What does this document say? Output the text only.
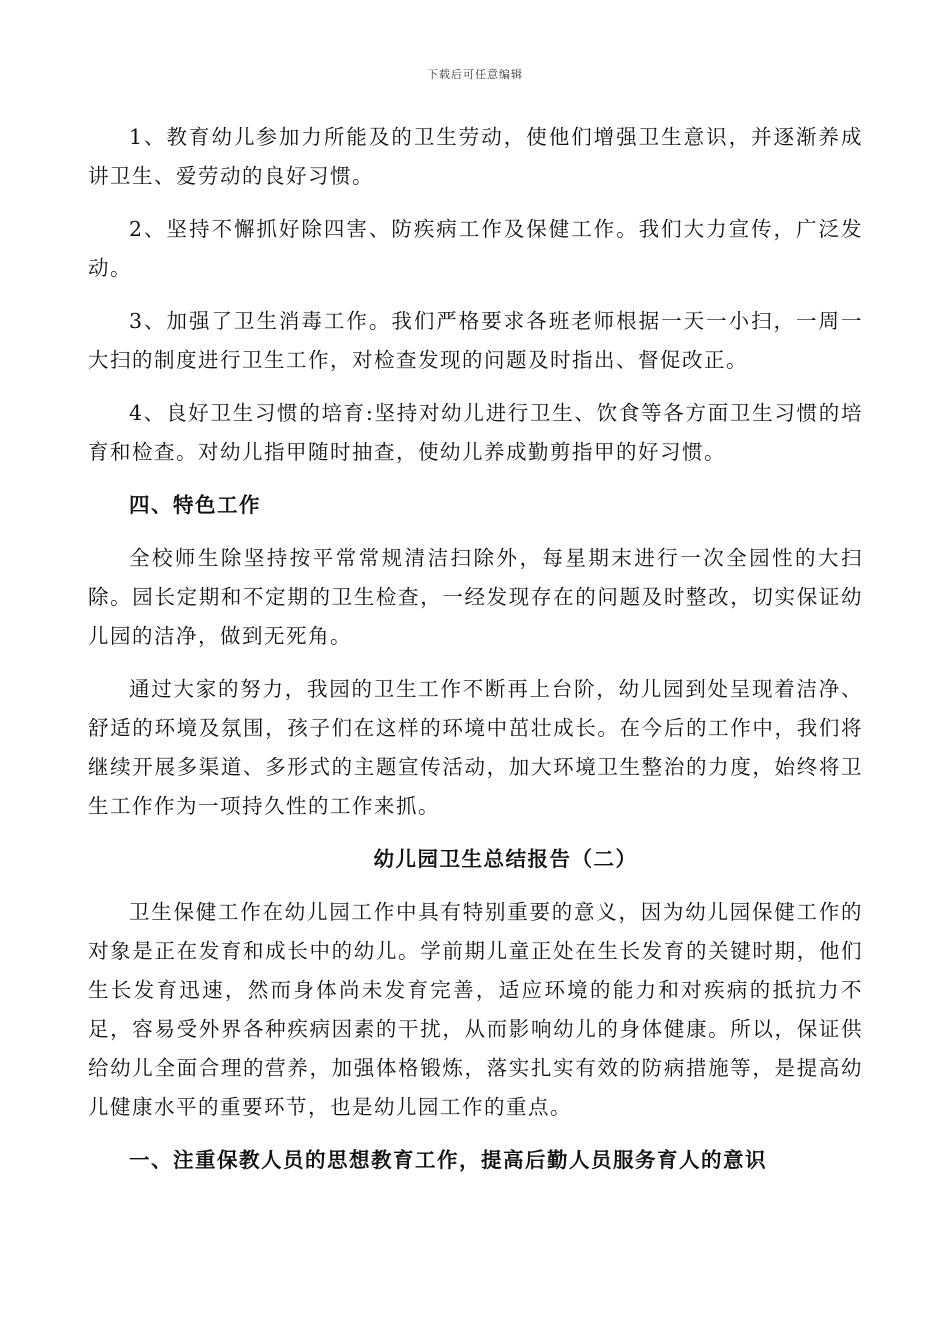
下载后可任意编辑

1、教育幼儿参加力所能及的卫生劳动，使他们增强卫生意识，并逐渐养成讲卫生、爱劳动的良好习惯。

2、坚持不懈抓好除四害、防疾病工作及保健工作。我们大力宣传，广泛发动。

3、加强了卫生消毒工作。我们严格要求各班老师根据一天一小扫，一周一大扫的制度进行卫生工作，对检查发现的问题及时指出、督促改正。

4、良好卫生习惯的培育:坚持对幼儿进行卫生、饮食等各方面卫生习惯的培育和检查。对幼儿指甲随时抽查，使幼儿养成勤剪指甲的好习惯。

四、特色工作

全校师生除坚持按平常常规清洁扫除外，每星期末进行一次全园性的大扫除。园长定期和不定期的卫生检查，一经发现存在的问题及时整改，切实保证幼儿园的洁净，做到无死角。

通过大家的努力，我园的卫生工作不断再上台阶，幼儿园到处呈现着洁净、舒适的环境及氛围，孩子们在这样的环境中茁壮成长。在今后的工作中，我们将继续开展多渠道、多形式的主题宣传活动，加大环境卫生整治的力度，始终将卫生工作作为一项持久性的工作来抓。

幼儿园卫生总结报告（二）

卫生保健工作在幼儿园工作中具有特别重要的意义，因为幼儿园保健工作的对象是正在发育和成长中的幼儿。学前期儿童正处在生长发育的关键时期，他们生长发育迅速，然而身体尚未发育完善，适应环境的能力和对疾病的抵抗力不足，容易受外界各种疾病因素的干扰，从而影响幼儿的身体健康。所以，保证供给幼儿全面合理的营养，加强体格锻炼，落实扎实有效的防病措施等，是提高幼儿健康水平的重要环节，也是幼儿园工作的重点。

一、注重保教人员的思想教育工作，提高后勤人员服务育人的意识
